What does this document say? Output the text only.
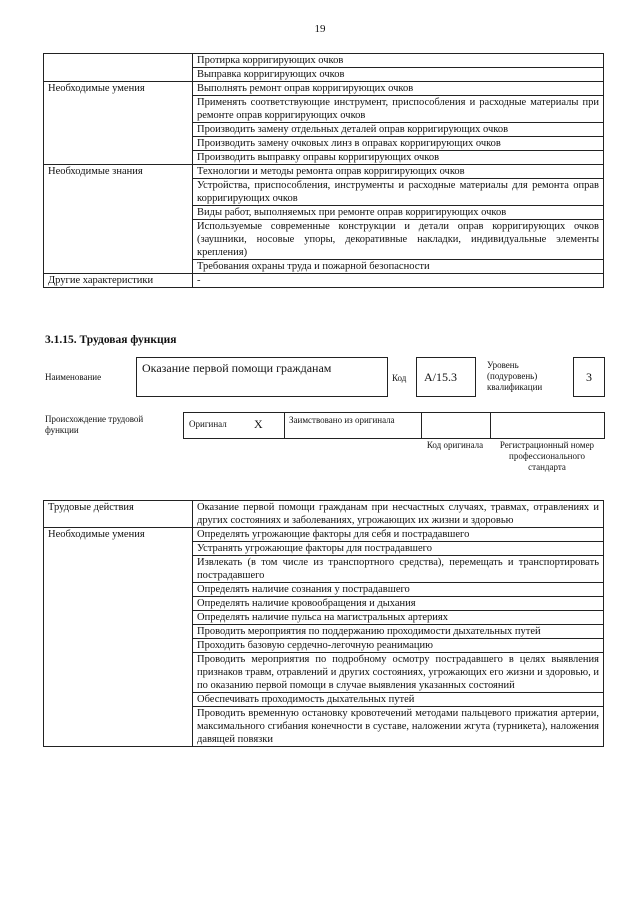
19
	Протирка корригирующих очков
	Выправка корригирующих очков
Необходимые умения	Выполнять ремонт оправ корригирующих очков
	Применять соответствующие инструмент, приспособления и расходные материалы при ремонте оправ корригирующих очков
	Производить замену отдельных деталей оправ корригирующих очков
	Производить замену очковых линз в оправах корригирующих очков
	Производить выправку оправы корригирующих очков
Необходимые знания	Технологии и методы ремонта оправ корригирующих очков
	Устройства, приспособления, инструменты и расходные материалы для ремонта оправ корригирующих очков
	Виды работ, выполняемых при ремонте оправ корригирующих очков
	Используемые современные конструкции и детали оправ корригирующих очков (заушники, носовые упоры, декоративные накладки, индивидуальные элементы крепления)
	Требования охраны труда и пожарной безопасности
Другие характеристики	-
3.1.15. Трудовая функция
Наименование
Оказание первой помощи гражданам
Код А/15.3
Уровень (подуровень) квалификации
3
Происхождение трудовой функции
Оригинал X	Заимствовано из оригинала
Код оригинала	Регистрационный номер профессионального стандарта
Трудовые действия	Оказание первой помощи гражданам при несчастных случаях, травмах, отравлениях и других состояниях и заболеваниях, угрожающих их жизни и здоровью
Необходимые умения	Определять угрожающие факторы для себя и пострадавшего
	Устранять угрожающие факторы для пострадавшего
	Извлекать (в том числе из транспортного средства), перемещать и транспортировать пострадавшего
	Определять наличие сознания у пострадавшего
	Определять наличие кровообращения и дыхания
	Определять наличие пульса на магистральных артериях
	Проводить мероприятия по поддержанию проходимости дыхательных путей
	Проходить базовую сердечно-легочную реанимацию
	Проводить мероприятия по подробному осмотру пострадавшего в целях выявления признаков травм, отравлений и других состояниях, угрожающих его жизни и здоровью, и по оказанию первой помощи в случае выявления указанных состояний
	Обеспечивать проходимость дыхательных путей
	Проводить временную остановку кровотечений методами пальцевого прижатия артерии, максимального сгибания конечности в суставе, наложении жгута (турникета), наложения давящей повязки
